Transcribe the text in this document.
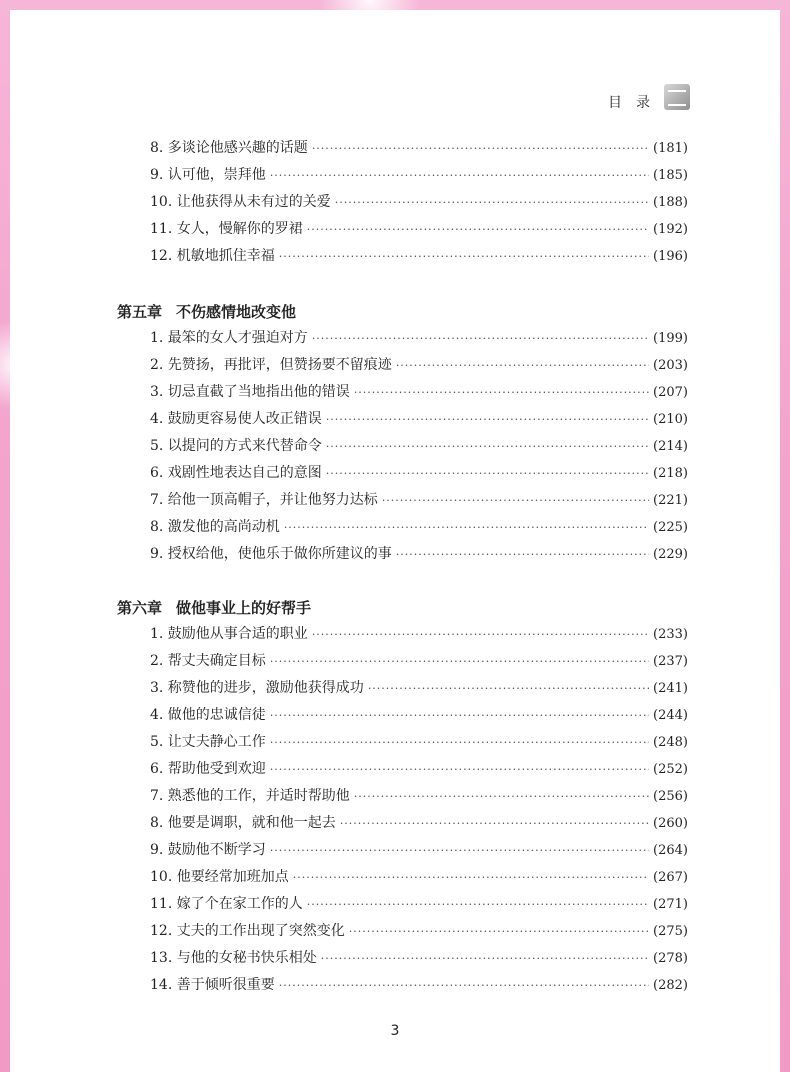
目　录
8. 多谈论他感兴趣的话题 ·····	(181)
9. 认可他，崇拜他 ·····	(185)
10. 让他获得从未有过的关爱 ·····	(188)
11. 女人，慢解你的罗裙 ·····	(192)
12. 机敏地抓住幸福 ·····	(196)
第五章 不伤感情地改变他
1. 最笨的女人才强迫对方 ·····	(199)
2. 先赞扬，再批评，但赞扬要不留痕迹 ·····	(203)
3. 切忌直截了当地指出他的错误 ·····	(207)
4. 鼓励更容易使人改正错误 ·····	(210)
5. 以提问的方式来代替命令 ·····	(214)
6. 戏剧性地表达自己的意图 ·····	(218)
7. 给他一顶高帽子，并让他努力达标 ·····	(221)
8. 激发他的高尚动机 ·····	(225)
9. 授权给他，使他乐于做你所建议的事 ·····	(229)
第六章 做他事业上的好帮手
1. 鼓励他从事合适的职业 ·····	(233)
2. 帮丈夫确定目标 ·····	(237)
3. 称赞他的进步，激励他获得成功 ·····	(241)
4. 做他的忠诚信徒 ·····	(244)
5. 让丈夫静心工作 ·····	(248)
6. 帮助他受到欢迎 ·····	(252)
7. 熟悉他的工作，并适时帮助他 ·····	(256)
8. 他要是调职，就和他一起去 ·····	(260)
9. 鼓励他不断学习 ·····	(264)
10. 他要经常加班加点 ·····	(267)
11. 嫁了个在家工作的人 ·····	(271)
12. 丈夫的工作出现了突然变化 ·····	(275)
13. 与他的女秘书快乐相处 ·····	(278)
14. 善于倾听很重要 ·····	(282)
3
